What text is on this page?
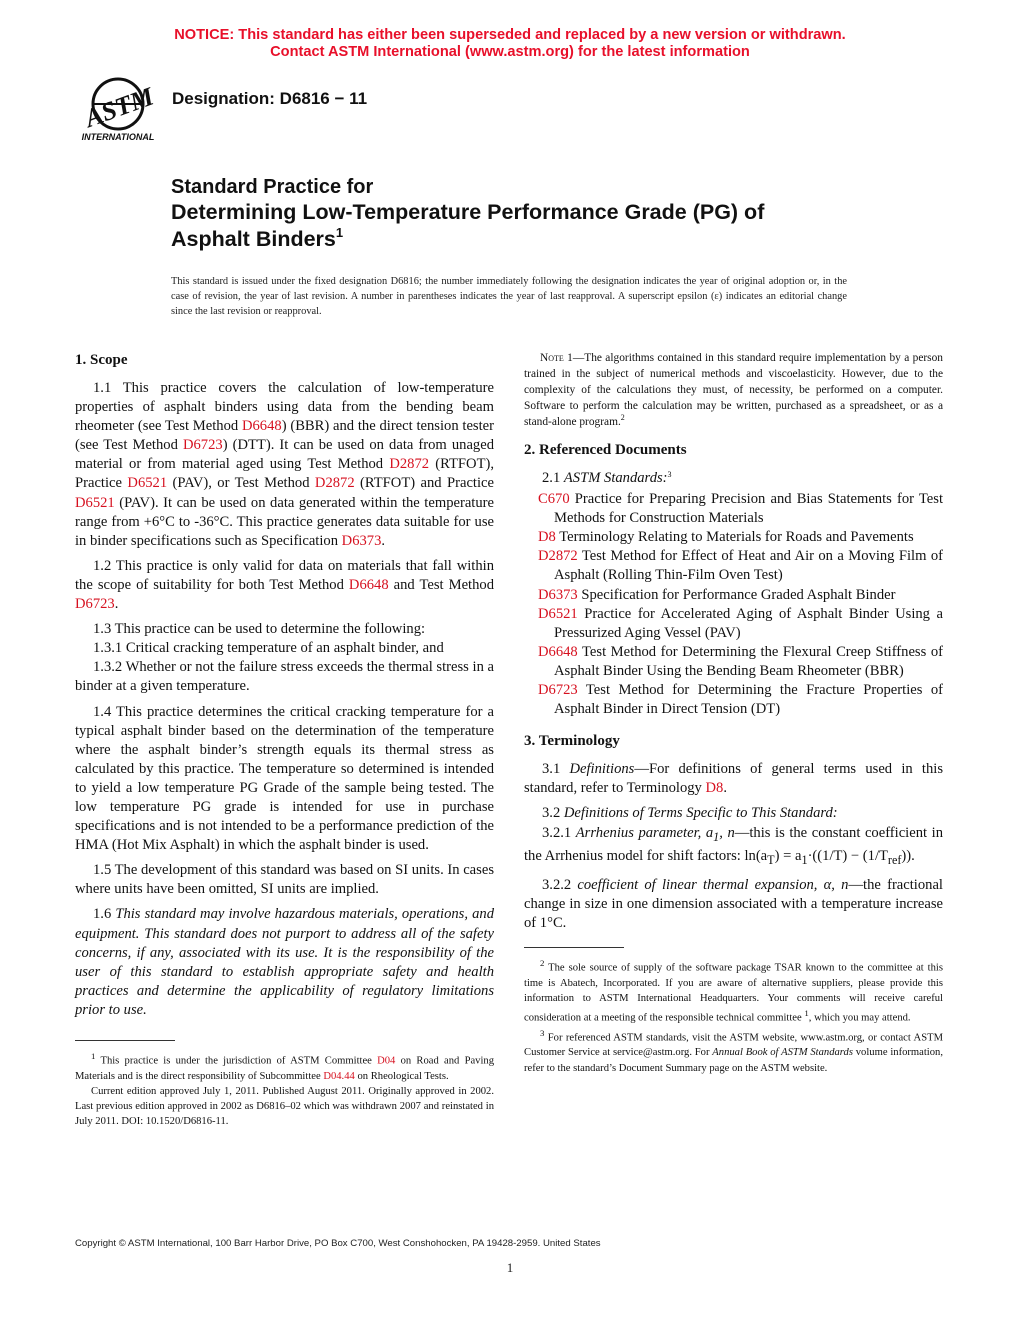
NOTICE: This standard has either been superseded and replaced by a new version or withdrawn.
Contact ASTM International (www.astm.org) for the latest information
ASTM
INTERNATIONAL
Designation: D6816 − 11
Standard Practice for
Determining Low-Temperature Performance Grade (PG) of
Asphalt Binders$^1$
This standard is issued under the fixed designation D6816; the number immediately following the designation indicates the year of original adoption or, in the case of revision, the year of last revision. A number in parentheses indicates the year of last reapproval. A superscript epsilon (ε) indicates an editorial change since the last revision or reapproval.
1. Scope

1.1 This practice covers the calculation of low-temperature properties of asphalt binders using data from the bending beam rheometer (see Test Method D6648) (BBR) and the direct tension tester (see Test Method D6723) (DTT). It can be used on data from unaged material or from material aged using Test Method D2872 (RTFOT), Practice D6521 (PAV), or Test Method D2872 (RTFOT) and Practice D6521 (PAV). It can be used on data generated within the temperature range from +6°C to -36°C. This practice generates data suitable for use in binder specifications such as Specification D6373.

1.2 This practice is only valid for data on materials that fall within the scope of suitability for both Test Method D6648 and Test Method D6723.

1.3 This practice can be used to determine the following:

1.3.1 Critical cracking temperature of an asphalt binder, and

1.3.2 Whether or not the failure stress exceeds the thermal stress in a binder at a given temperature.

1.4 This practice determines the critical cracking temperature for a typical asphalt binder based on the determination of the temperature where the asphalt binder’s strength equals its thermal stress as calculated by this practice. The temperature so determined is intended to yield a low temperature PG Grade of the sample being tested. The low temperature PG grade is intended for use in purchase specifications and is not intended to be a performance prediction of the HMA (Hot Mix Asphalt) in which the asphalt binder is used.

1.5 The development of this standard was based on SI units. In cases where units have been omitted, SI units are implied.

1.6 This standard may involve hazardous materials, operations, and equipment. This standard does not purport to address all of the safety concerns, if any, associated with its use. It is the responsibility of the user of this standard to establish appropriate safety and health practices and determine the applicability of regulatory limitations prior to use.

$^1$ This practice is under the jurisdiction of ASTM Committee D04 on Road and Paving Materials and is the direct responsibility of Subcommittee D04.44 on Rheological Tests.

Current edition approved July 1, 2011. Published August 2011. Originally approved in 2002. Last previous edition approved in 2002 as D6816–02 which was withdrawn 2007 and reinstated in July 2011. DOI: 10.1520/D6816-11.

Note 1—The algorithms contained in this standard require implementation by a person trained in the subject of numerical methods and viscoelasticity. However, due to the complexity of the calculations they must, of necessity, be performed on a computer. Software to perform the calculation may be written, purchased as a spreadsheet, or as a stand-alone program.$^2$

2. Referenced Documents

2.1 ASTM Standards:$^3$

C670 Practice for Preparing Precision and Bias Statements for Test Methods for Construction Materials
D8 Terminology Relating to Materials for Roads and Pavements
D2872 Test Method for Effect of Heat and Air on a Moving Film of Asphalt (Rolling Thin-Film Oven Test)
D6373 Specification for Performance Graded Asphalt Binder
D6521 Practice for Accelerated Aging of Asphalt Binder Using a Pressurized Aging Vessel (PAV)
D6648 Test Method for Determining the Flexural Creep Stiffness of Asphalt Binder Using the Bending Beam Rheometer (BBR)
D6723 Test Method for Determining the Fracture Properties of Asphalt Binder in Direct Tension (DT)
3. Terminology

3.1 Definitions—For definitions of general terms used in this standard, refer to Terminology D8.

3.2 Definitions of Terms Specific to This Standard:

3.2.1 Arrhenius parameter, $a_1$, n—this is the constant coefficient in the Arrhenius model for shift factors: $\ln(a_T) = a_1\cdot((1/T) - (1/T_{ref}))$.

3.2.2 coefficient of linear thermal expansion, α, n—the fractional change in size in one dimension associated with a temperature increase of 1°C.

$^2$ The sole source of supply of the software package TSAR known to the committee at this time is Abatech, Incorporated. If you are aware of alternative suppliers, please provide this information to ASTM International Headquarters. Your comments will receive careful consideration at a meeting of the responsible technical committee $^1$, which you may attend.

$^3$ For referenced ASTM standards, visit the ASTM website, www.astm.org, or contact ASTM Customer Service at service@astm.org. For Annual Book of ASTM Standards volume information, refer to the standard’s Document Summary page on the ASTM website.

Copyright © ASTM International, 100 Barr Harbor Drive, PO Box C700, West Conshohocken, PA 19428-2959. United States
1
